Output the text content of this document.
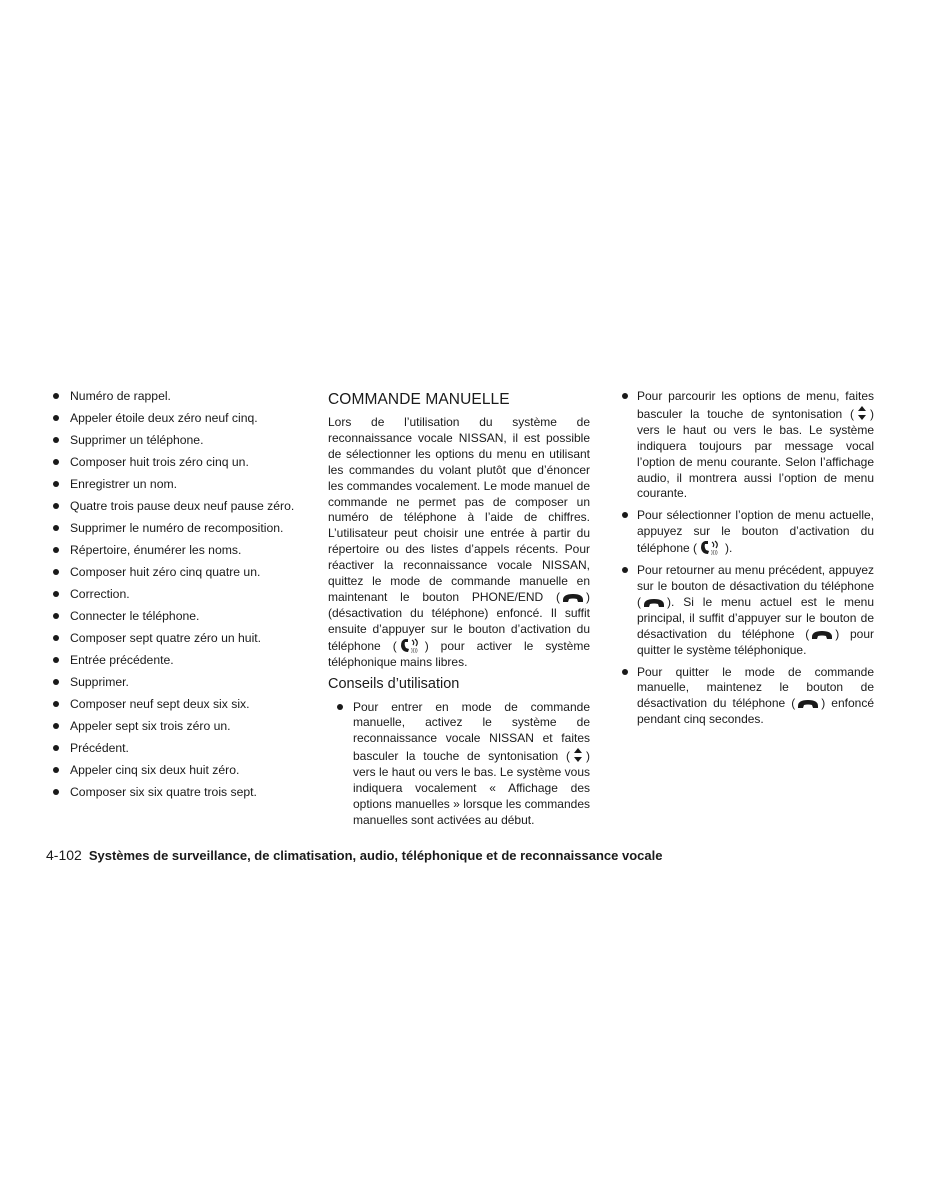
Numéro de rappel.
Appeler étoile deux zéro neuf cinq.
Supprimer un téléphone.
Composer huit trois zéro cinq un.
Enregistrer un nom.
Quatre trois pause deux neuf pause zéro.
Supprimer le numéro de recomposition.
Répertoire, énumérer les noms.
Composer huit zéro cinq quatre un.
Correction.
Connecter le téléphone.
Composer sept quatre zéro un huit.
Entrée précédente.
Supprimer.
Composer neuf sept deux six six.
Appeler sept six trois zéro un.
Précédent.
Appeler cinq six deux huit zéro.
Composer six six quatre trois sept.
COMMANDE MANUELLE

Lors de l’utilisation du système de reconnaissance vocale NISSAN, il est possible de sélectionner les options du menu en utilisant les commandes du volant plutôt que d’énoncer les commandes vocalement. Le mode manuel de commande ne permet pas de composer un numéro de téléphone à l’aide de chiffres. L’utilisateur peut choisir une entrée à partir du répertoire ou des listes d’appels récents. Pour réactiver la reconnaissance vocale NISSAN, quittez le mode de commande manuelle en maintenant le bouton PHONE/END ( ) (désactivation du téléphone) enfoncé. Il suffit ensuite d’appuyer sur le bouton d’activation du téléphone (	)))) ) pour activer le système téléphonique mains libres.

Conseils d’utilisation
Pour entrer en mode de commande manuelle, activez le système de reconnaissance vocale NISSAN et faites basculer la touche de syntonisation ( ) vers le haut ou vers le bas. Le système vous indiquera vocalement « Affichage des options manuelles » lorsque les commandes manuelles sont activées au début.
Pour parcourir les options de menu, faites basculer la touche de syntonisation ( ) vers le haut ou vers le bas. Le système indiquera toujours par message vocal l’option de menu courante. Selon l’affichage audio, il montrera aussi l’option de menu courante.
Pour sélectionner l’option de menu actuelle, appuyez sur le bouton d’activation du téléphone (	)))) ).
Pour retourner au menu précédent, appuyez sur le bouton de désactivation du téléphone ( ). Si le menu actuel est le menu principal, il suffit d’appuyer sur le bouton de désactivation du téléphone ( ) pour quitter le système téléphonique.
Pour quitter le mode de commande manuelle, maintenez le bouton de désactivation du téléphone ( ) enfoncé pendant cinq secondes.
4-102 Systèmes de surveillance, de climatisation, audio, téléphonique et de reconnaissance vocale
